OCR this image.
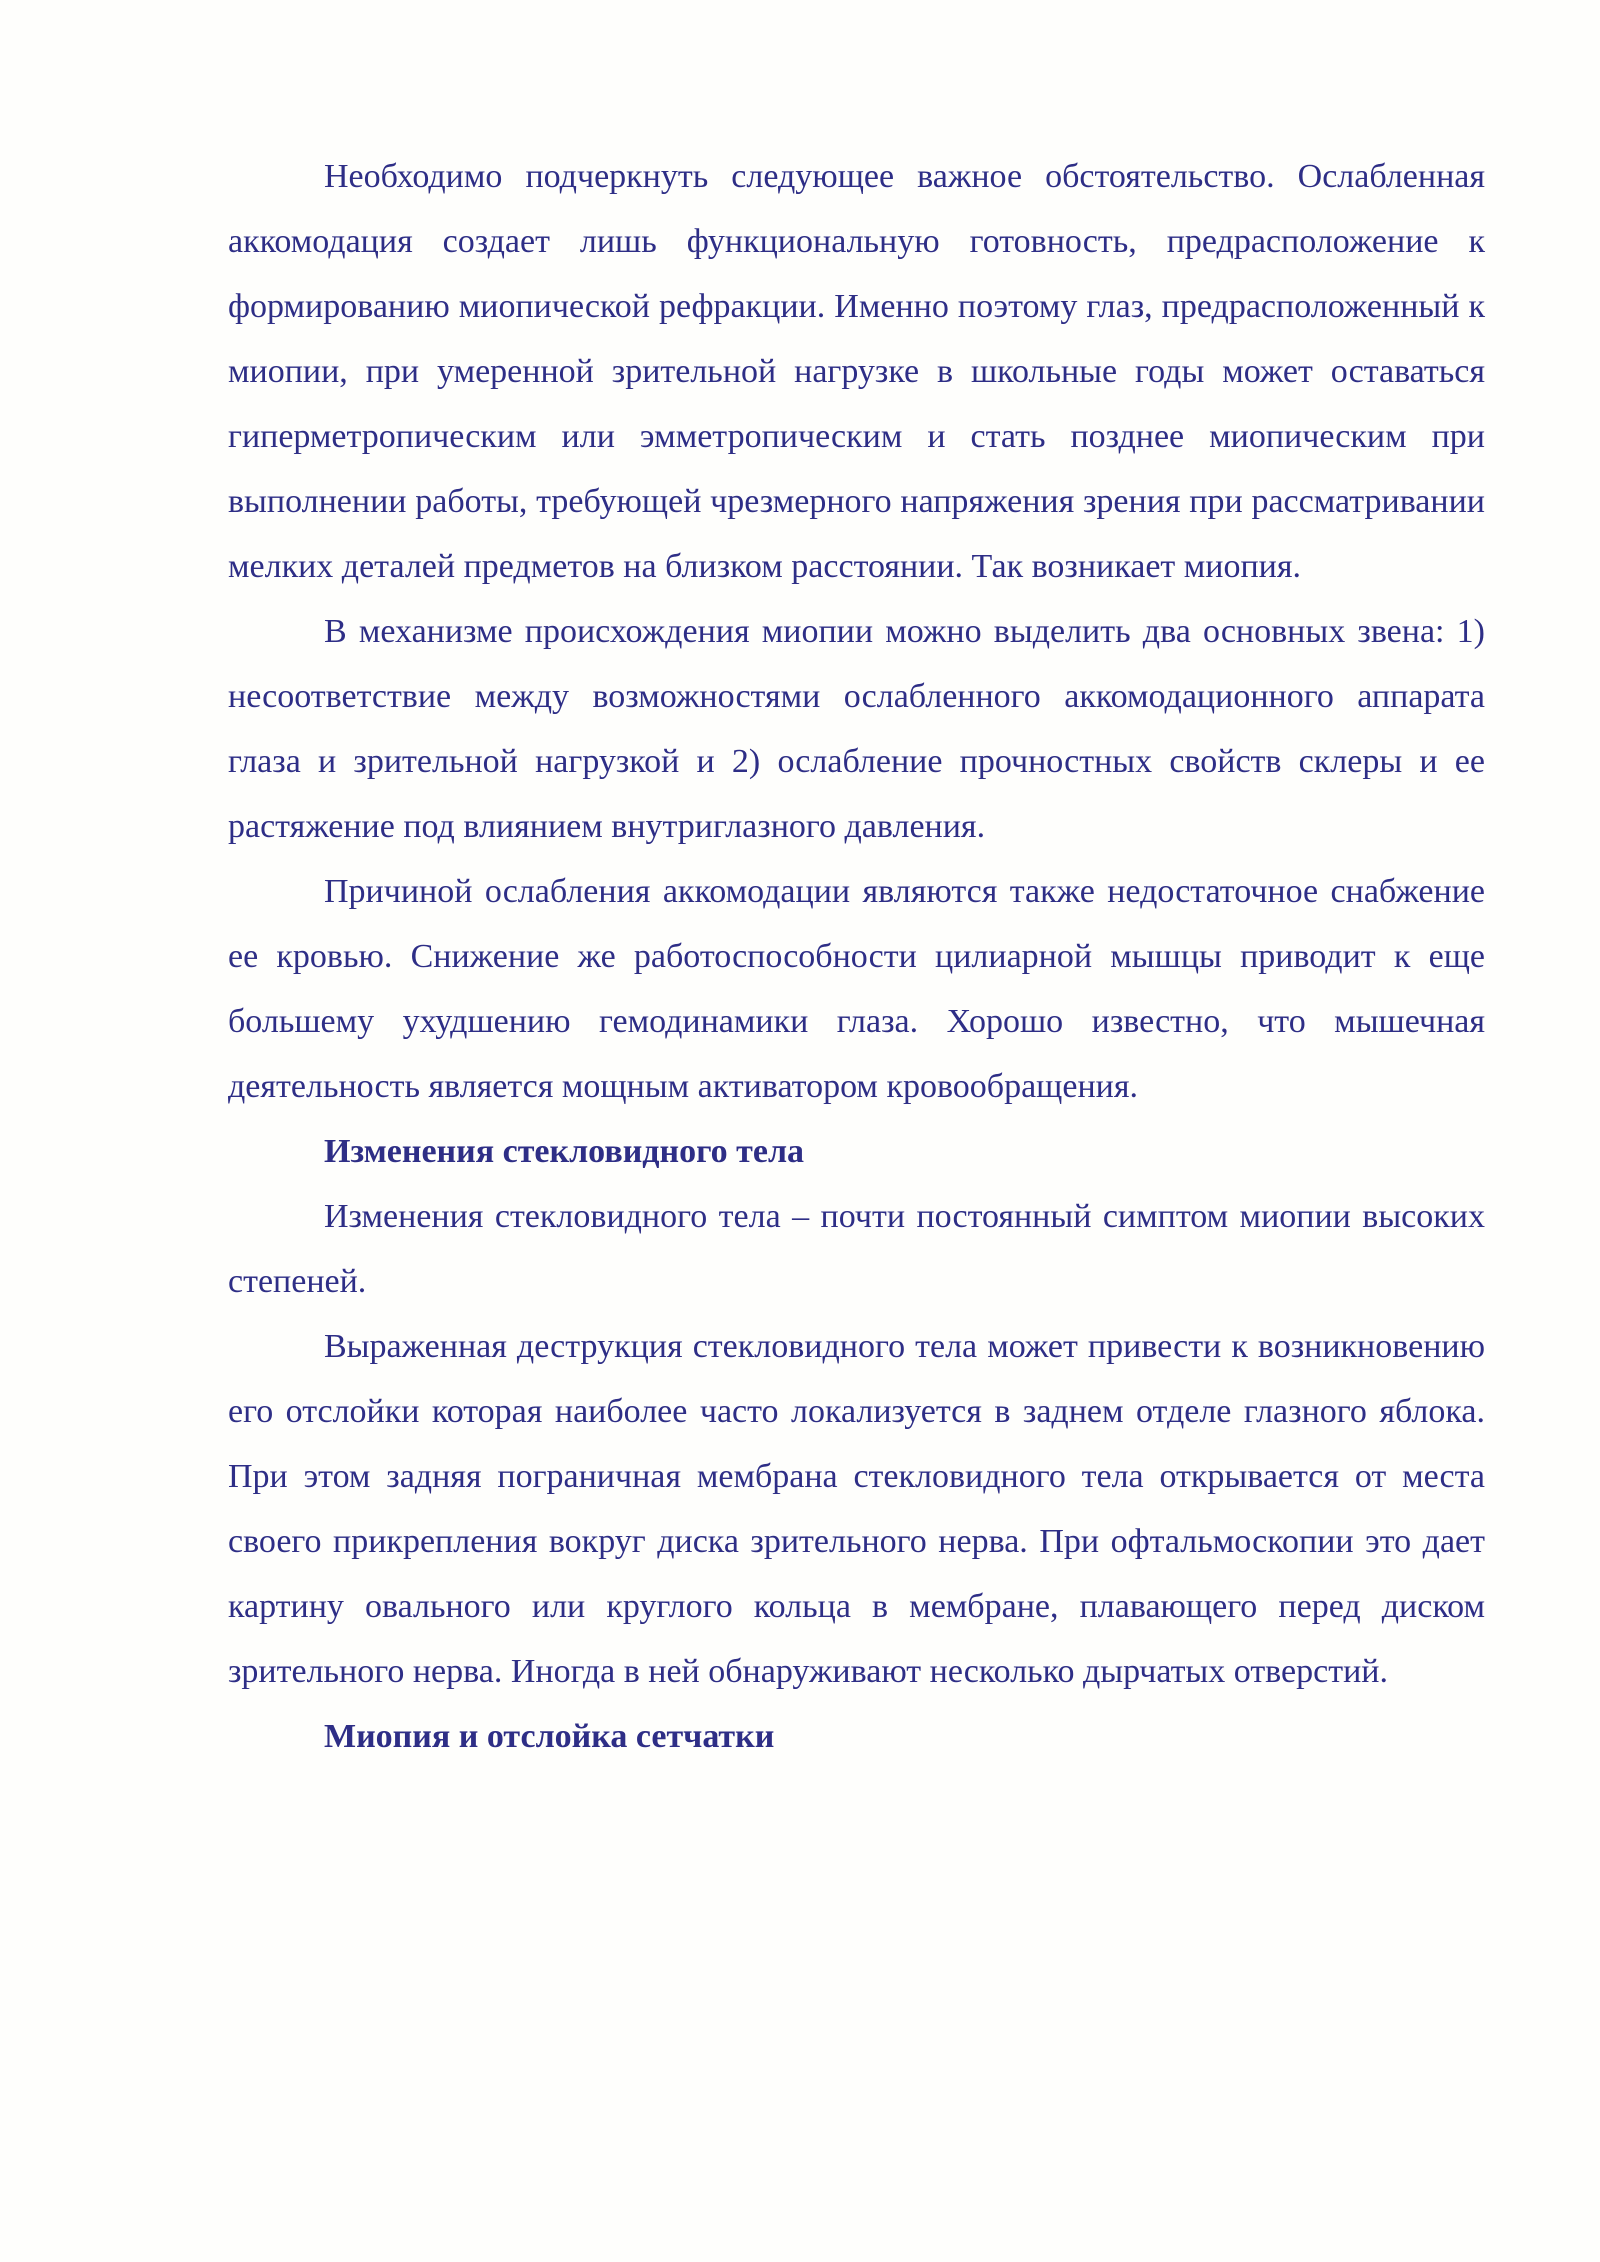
Необходимо подчеркнуть следующее важное обстоятельство. Ослабленная аккомодация создает лишь функциональную готовность, предрасположение к формированию миопической рефракции. Именно поэтому глаз, предрасположенный к миопии, при умеренной зрительной нагрузке в школьные годы может оставаться гиперметропическим или эмметропическим и стать позднее миопическим при выполнении работы, требующей чрезмерного напряжения зрения при рассматривании мелких деталей предметов на близком расстоянии. Так возникает миопия.

В механизме происхождения миопии можно выделить два основных звена: 1) несоответствие между возможностями ослабленного аккомодационного аппарата глаза и зрительной нагрузкой и 2) ослабление прочностных свойств склеры и ее растяжение под влиянием внутриглазного давления.

Причиной ослабления аккомодации являются также недостаточное снабжение ее кровью. Снижение же работоспособности цилиарной мышцы приводит к еще большему ухудшению гемодинамики глаза. Хорошо известно, что мышечная деятельность является мощным активатором кровообращения.

Изменения стекловидного тела

Изменения стекловидного тела – почти постоянный симптом миопии высоких степеней.

Выраженная деструкция стекловидного тела может привести к возникновению его отслойки которая наиболее часто локализуется в заднем отделе глазного яблока. При этом задняя пограничная мембрана стекловидного тела открывается от места своего прикрепления вокруг диска зрительного нерва. При офтальмоскопии это дает картину овального или круглого кольца в мембране, плавающего перед диском зрительного нерва. Иногда в ней обнаруживают несколько дырчатых отверстий.

Миопия и отслойка сетчатки
